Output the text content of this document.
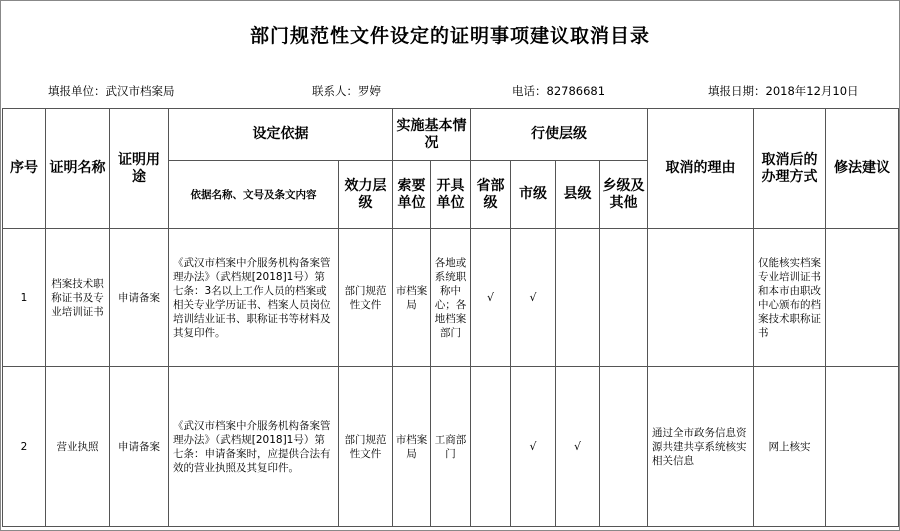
部门规范性文件设定的证明事项建议取消目录
填报单位：武汉市档案局	联系人：罗婷	电话：82786681	填报日期：2018年12月10日
序号	证明名称	证明用途	设定依据		实施基本情况		行使层级				取消的理由	取消后的办理方式	修法建议
			依据名称、文号及条文内容	效力层级	索要单位	开具单位	省部级	市级	县级	乡级及其他			
1	档案技术职称证书及专业培训证书	申请备案	《武汉市档案中介服务机构备案管理办法》（武档规[2018]1号）第七条：3名以上工作人员的档案或相关专业学历证书、档案人员岗位培训结业证书、职称证书等材料及其复印件。	部门规范性文件	市档案局	各地或系统职称中心；各地档案部门	√	√				仅能核实档案专业培训证书和本市由职改中心颁布的档案技术职称证书	
2	营业执照	申请备案	《武汉市档案中介服务机构备案管理办法》（武档规[2018]1号）第七条：申请备案时，应提供合法有效的营业执照及其复印件。	部门规范性文件	市档案局	工商部门		√	√		通过全市政务信息资源共建共享系统核实相关信息	网上核实	
